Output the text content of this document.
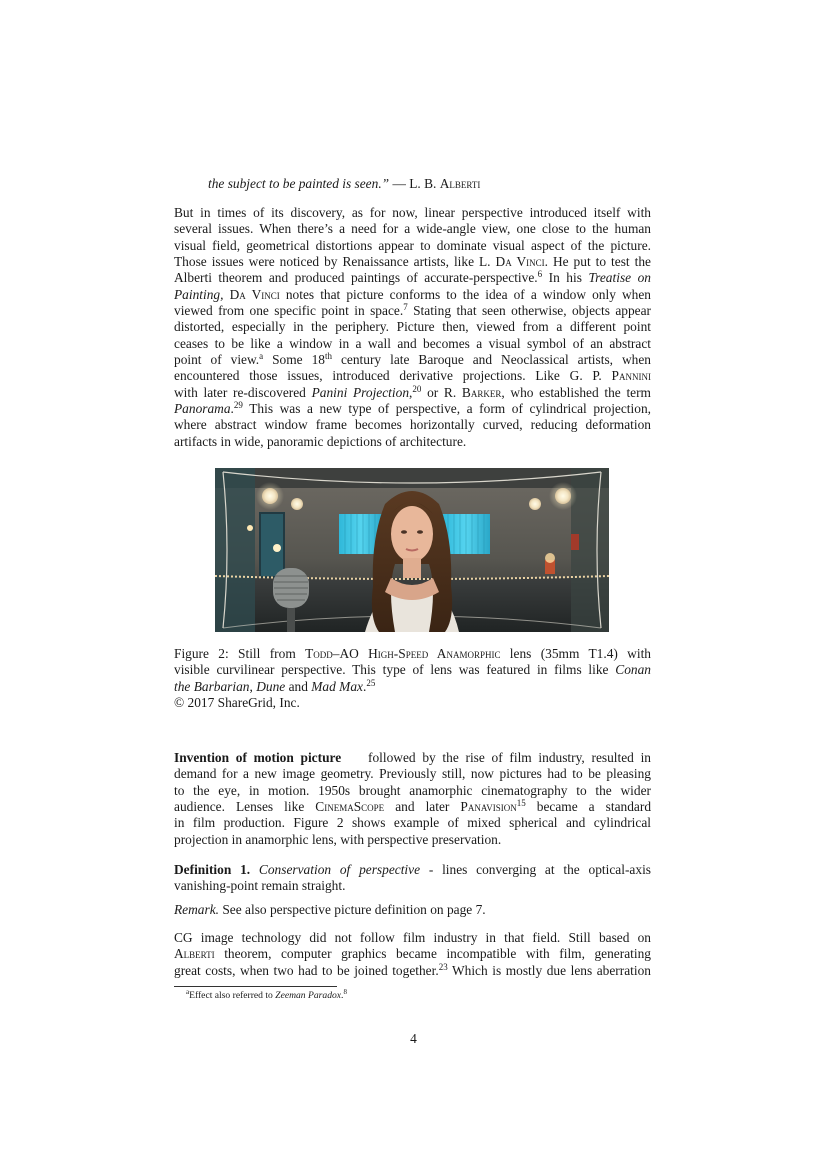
the subject to be painted is seen.” — L. B. Alberti
But in times of its discovery, as for now, linear perspective introduced itself with
several issues. When there’s a need for a wide-angle view, one close to the human
visual field, geometrical distortions appear to dominate visual aspect of the picture.
Those issues were noticed by Renaissance artists, like L. Da Vinci. He put to test the
Alberti theorem and produced paintings of accurate-perspective.$^6$ In his Treatise on
Painting, Da Vinci notes that picture conforms to the idea of a window only when
viewed from one specific point in space.$^7$ Stating that seen otherwise, objects appear
distorted, especially in the periphery. Picture then, viewed from a different point
ceases to be like a window in a wall and becomes a visual symbol of an abstract
point of view.$^a$ Some 18th century late Baroque and Neoclassical artists, when
encountered those issues, introduced derivative projections. Like G. P. Pannini
with later re-discovered Panini Projection,$^{20}$ or R. Barker, who established the term
Panorama.$^{29}$ This was a new type of perspective, a form of cylindrical projection,
where abstract window frame becomes horizontally curved, reducing deformation
artifacts in wide, panoramic depictions of architecture.
Figure 2: Still from Todd–AO High-Speed Anamorphic lens (35mm T1.4) with
visible curvilinear perspective. This type of lens was featured in films like Conan
the Barbarian, Dune and Mad Max.$^{25}$
© 2017 ShareGrid, Inc.
Invention of motion picture followed by the rise of film industry, resulted in
demand for a new image geometry. Previously still, now pictures had to be pleasing
to the eye, in motion. 1950s brought anamorphic cinematography to the wider
audience. Lenses like CinemaScope and later Panavision$^{15}$ became a standard
in film production. Figure 2 shows example of mixed spherical and cylindrical
projection in anamorphic lens, with perspective preservation.
Definition 1. Conservation of perspective - lines converging at the optical-axis
vanishing-point remain straight.
Remark. See also perspective picture definition on page 7.
CG image technology did not follow film industry in that field. Still based on
Alberti theorem, computer graphics became incompatible with film, generating
great costs, when two had to be joined together.$^{23}$ Which is mostly due lens aberration
$^a$Effect also referred to Zeeman Paradox.$^8$
4
